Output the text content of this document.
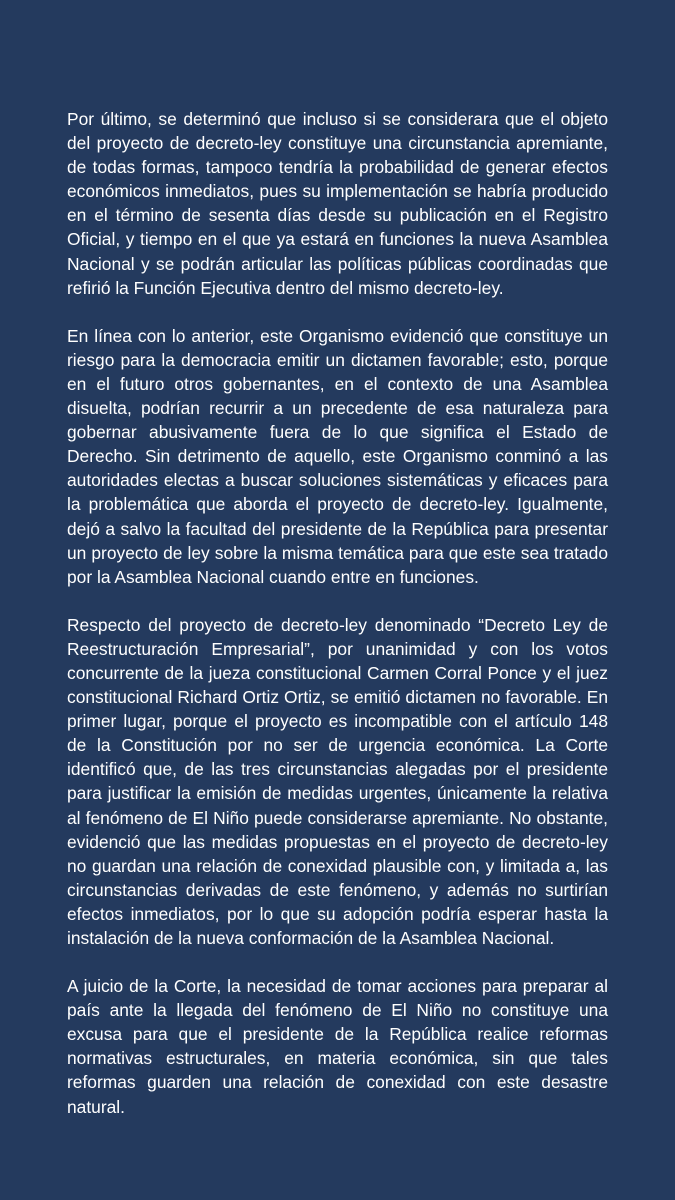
Por último, se determinó que incluso si se considerara que el objeto del proyecto de decreto-ley constituye una circunstancia apremiante, de todas formas, tampoco tendría la probabilidad de generar efectos económicos inmediatos, pues su implementación se habría producido en el término de sesenta días desde su publicación en el Registro Oficial, y tiempo en el que ya estará en funciones la nueva Asamblea Nacional y se podrán articular las políticas públicas coordinadas que refirió la Función Ejecutiva dentro del mismo decreto-ley.

En línea con lo anterior, este Organismo evidenció que constituye un riesgo para la democracia emitir un dictamen favorable; esto, porque en el futuro otros gobernantes, en el contexto de una Asamblea disuelta, podrían recurrir a un precedente de esa naturaleza para gobernar abusivamente fuera de lo que significa el Estado de Derecho. Sin detrimento de aquello, este Organismo conminó a las autoridades electas a buscar soluciones sistemáticas y eficaces para la problemática que aborda el proyecto de decreto-ley. Igualmente, dejó a salvo la facultad del presidente de la República para presentar un proyecto de ley sobre la misma temática para que este sea tratado por la Asamblea Nacional cuando entre en funciones.

Respecto del proyecto de decreto-ley denominado “Decreto Ley de Reestructuración Empresarial”, por unanimidad y con los votos concurrente de la jueza constitucional Carmen Corral Ponce y el juez constitucional Richard Ortiz Ortiz, se emitió dictamen no favorable. En primer lugar, porque el proyecto es incompatible con el artículo 148 de la Constitución por no ser de urgencia económica. La Corte identificó que, de las tres circunstancias alegadas por el presidente para justificar la emisión de medidas urgentes, únicamente la relativa al fenómeno de El Niño puede considerarse apremiante. No obstante, evidenció que las medidas propuestas en el proyecto de decreto-ley no guardan una relación de conexidad plausible con, y limitada a, las circunstancias derivadas de este fenómeno, y además no surtirían efectos inmediatos, por lo que su adopción podría esperar hasta la instalación de la nueva conformación de la Asamblea Nacional.

A juicio de la Corte, la necesidad de tomar acciones para preparar al país ante la llegada del fenómeno de El Niño no constituye una excusa para que el presidente de la República realice reformas normativas estructurales, en materia económica, sin que tales reformas guarden una relación de conexidad con este desastre natural.
